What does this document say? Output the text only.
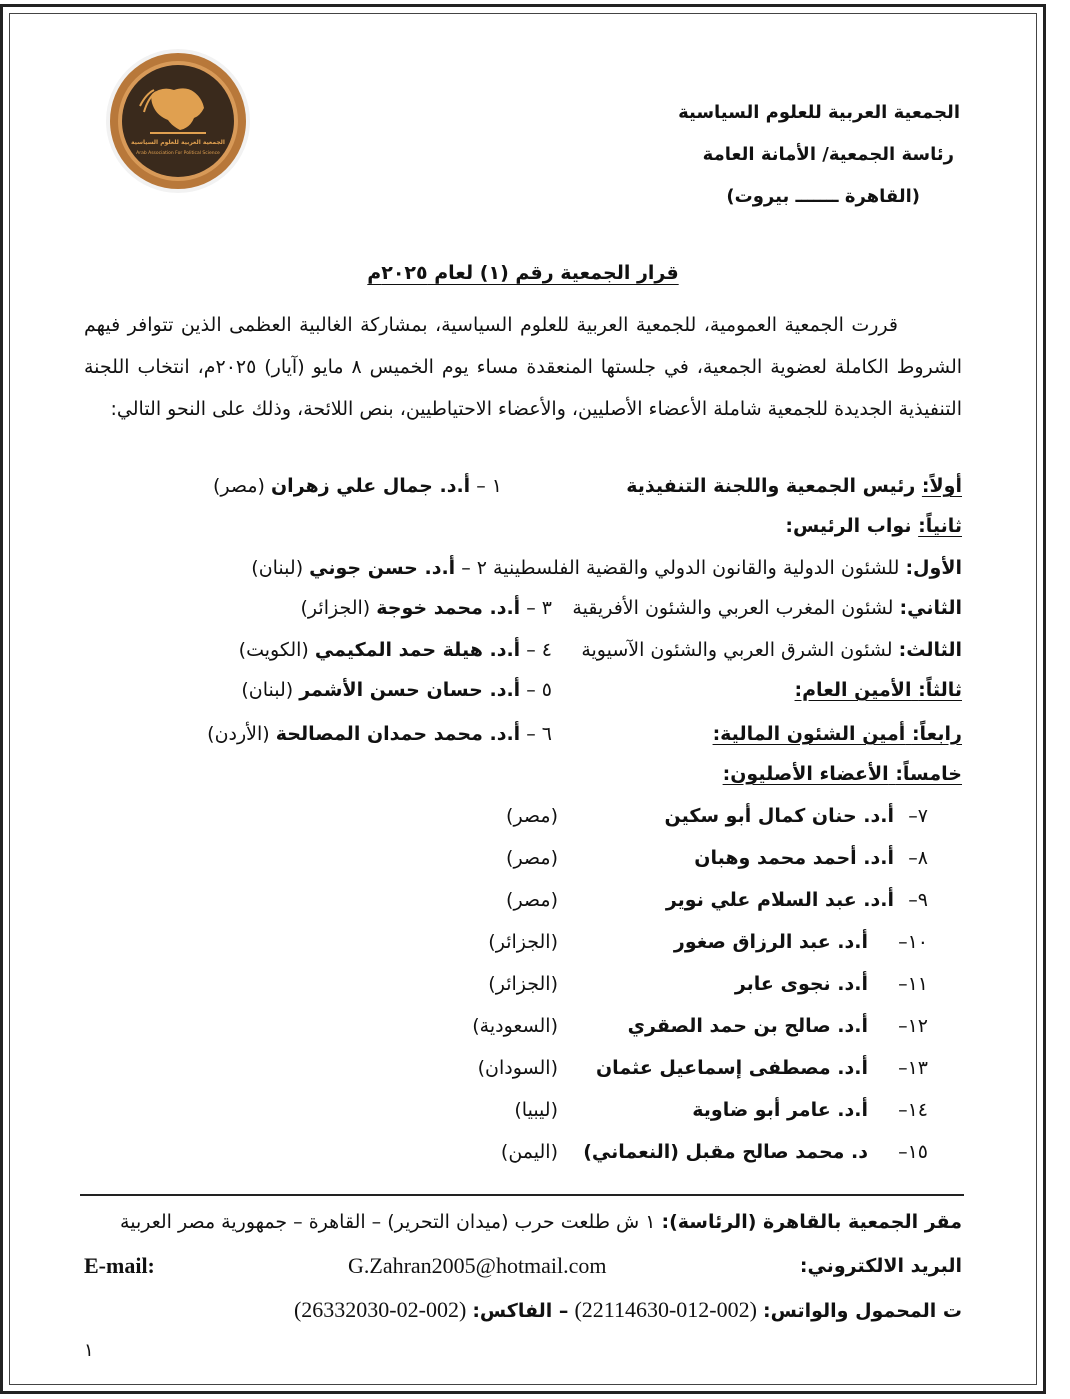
الجمعية العربية للعلوم السياسية
Arab Association For Political Science
الجمعية العربية للعلوم السياسية
رئاسة الجمعية/ الأمانة العامة
(القاهرة ـــــــ بيروت)
قرار الجمعية رقم (١) لعام ٢٠٢٥م
قررت الجمعية العمومية، للجمعية العربية للعلوم السياسية، بمشاركة الغالبية العظمى الذين تتوافر فيهم الشروط الكاملة لعضوية الجمعية، في جلستها المنعقدة مساء يوم الخميس ٨ مايو (آيار) ٢٠٢٥م، انتخاب اللجنة التنفيذية الجديدة للجمعية شاملة الأعضاء الأصليين، والأعضاء الاحتياطيين، بنص اللائحة، وذلك على النحو التالي:
أولاً: رئيس الجمعية واللجنة التنفيذية
١ – أ.د. جمال علي زهران (مصر)
ثانياً: نواب الرئيس:
الأول: للشئون الدولية والقانون الدولي والقضية الفلسطينية ٢ – أ.د. حسن جوني (لبنان)
الثاني: لشئون المغرب العربي والشئون الأفريقية
٣ – أ.د. محمد خوجة (الجزائر)
الثالث: لشئون الشرق العربي والشئون الآسيوية
٤ – أ.د. هيلة حمد المكيمي (الكويت)
ثالثاً: الأمين العام:
٥ – أ.د. حسان حسن الأشمر (لبنان)
رابعاً: أمين الشئون المالية:
٦ – أ.د. محمد حمدان المصالحة (الأردن)
خامساً: الأعضاء الأصليون:
٧–
أ.د. حنان كمال أبو سكين
(مصر)
٨–
أ.د. أحمد محمد وهبان
(مصر)
٩–
أ.د. عبد السلام علي نوير
(مصر)
١٠–
أ.د. عبد الرزاق صغور
(الجزائر)
١١–
أ.د. نجوى عابر
(الجزائر)
١٢–
أ.د. صالح بن حمد الصقري
(السعودية)
١٣–
أ.د. مصطفى إسماعيل عثمان
(السودان)
١٤–
أ.د. عامر أبو ضاوية
(ليبيا)
١٥–
د. محمد صالح مقبل (النعماني)
(اليمن)
مقر الجمعية بالقاهرة (الرئاسة): ١ ش طلعت حرب (ميدان التحرير) – القاهرة – جمهورية مصر العربية
البريد الالكتروني:
G.Zahran2005@hotmail.com
E-mail:
ت المحمول والواتس: (002-012-22114630) – الفاكس: (002-02-26332030)
١
